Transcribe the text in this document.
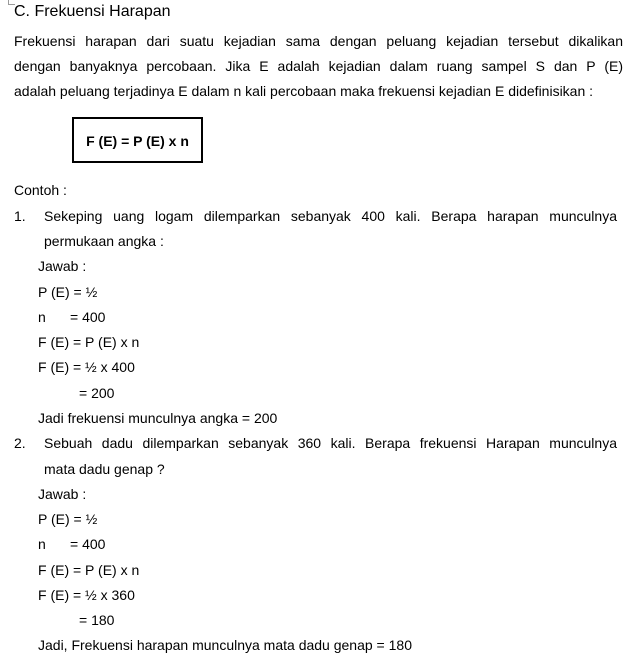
C. Frekuensi Harapan
Frekuensi harapan dari suatu kejadian sama dengan peluang kejadian tersebut dikalikan
dengan banyaknya percobaan. Jika E adalah kejadian dalam ruang sampel S dan P (E)
adalah peluang terjadinya E dalam n kali percobaan maka frekuensi kejadian E didefinisikan :
F (E) = P (E) x n
Contoh :
1. Sekeping uang logam dilemparkan sebanyak 400 kali. Berapa harapan munculnya
permukaan angka :
Jawab :
P (E) = ½
n = 400
F (E) = P (E) x n
F (E) = ½ x 400
= 200
Jadi frekuensi munculnya angka = 200
2. Sebuah dadu dilemparkan sebanyak 360 kali. Berapa frekuensi Harapan munculnya
mata dadu genap ?
Jawab :
P (E) = ½
n = 400
F (E) = P (E) x n
F (E) = ½ x 360
= 180
Jadi, Frekuensi harapan munculnya mata dadu genap = 180
